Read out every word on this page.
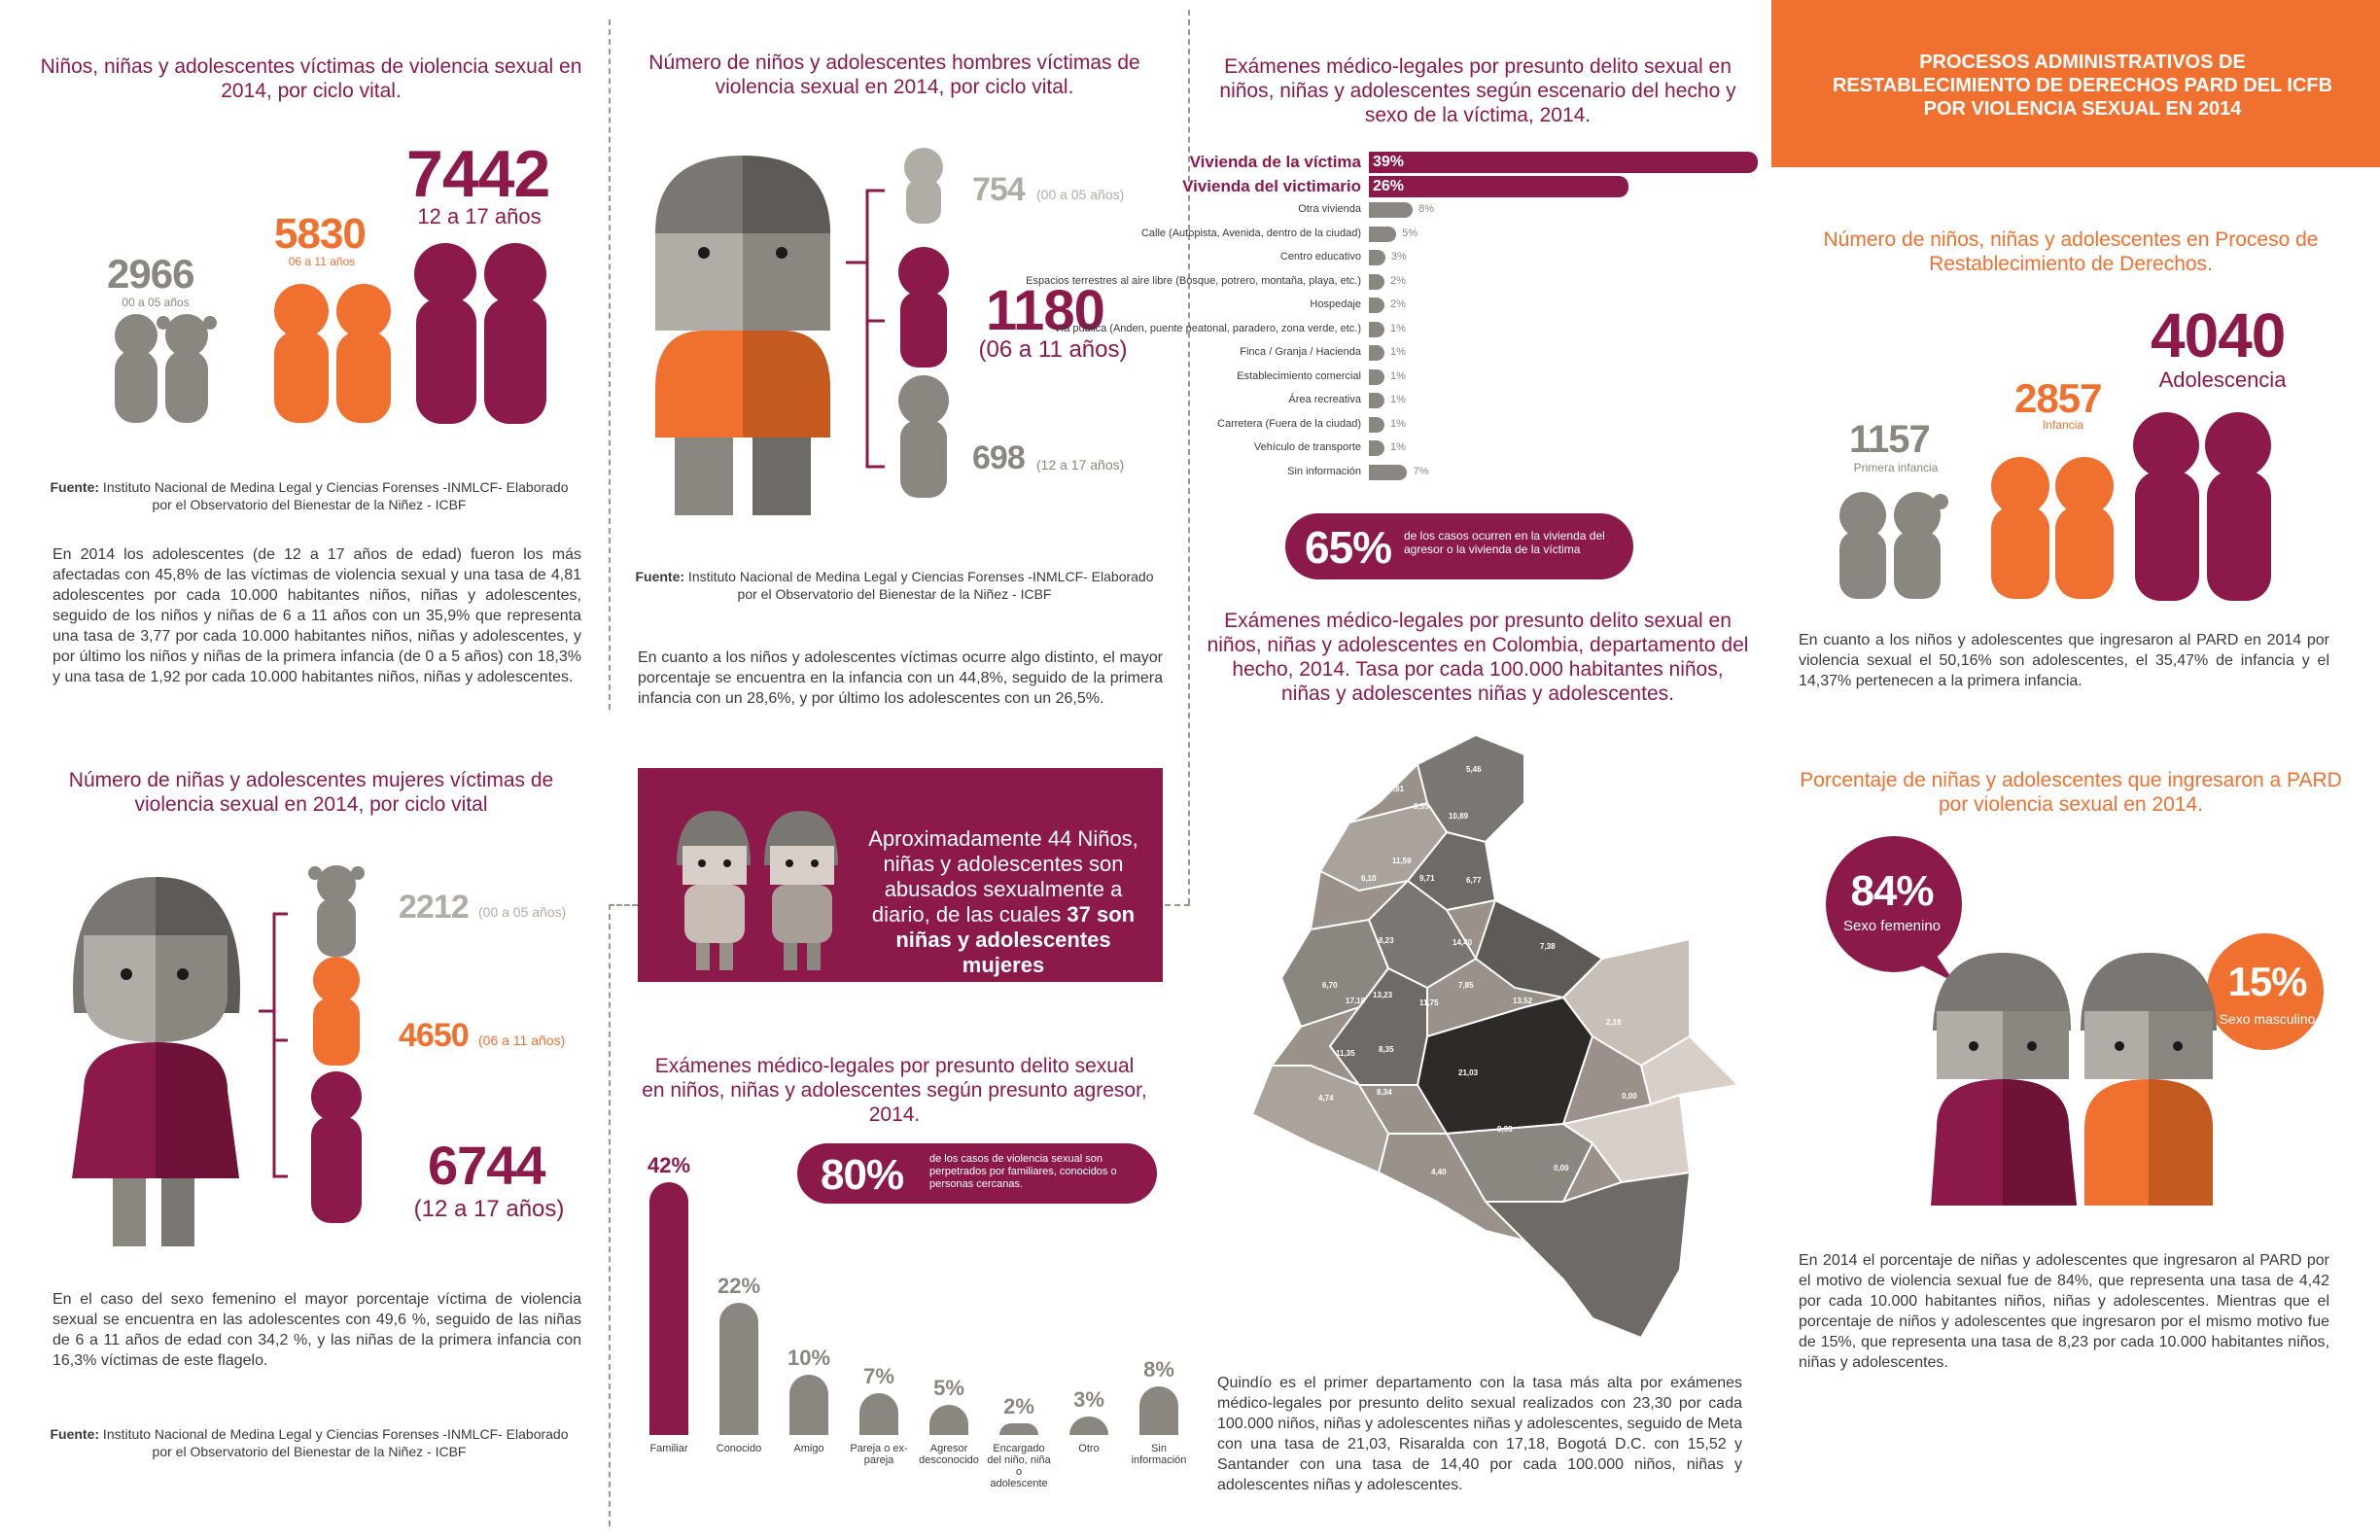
Niños, niñas y adolescentes víctimas de violencia sexual en 2014, por ciclo vital.
2966
00 a 05 años
5830
06 a 11 años
7442
12 a 17 años
Fuente: Instituto Nacional de Medina Legal y Ciencias Forenses -INMLCF- Elaborado por el Observatorio del Bienestar de la Niñez - ICBF
En 2014 los adolescentes (de 12 a 17 años de edad) fueron los más afectadas con 45,8% de las víctimas de violencia sexual y una tasa de 4,81 adolescentes por cada 10.000 habitantes niños, niñas y adolescentes, seguido de los niños y niñas de 6 a 11 años con un 35,9% que representa una tasa de 3,77 por cada 10.000 habitantes niños, niñas y adolescentes, y por último los niños y niñas de la primera infancia (de 0 a 5 años) con 18,3% y una tasa de 1,92 por cada 10.000 habitantes niños, niñas y adolescentes.
Número de niñas y adolescentes mujeres víctimas de violencia sexual en 2014, por ciclo vital
2212 (00 a 05 años)
4650 (06 a 11 años)
6744
(12 a 17 años)
En el caso del sexo femenino el mayor porcentaje víctima de violencia sexual se encuentra en las adolescentes con 49,6 %, seguido de las niñas de 6 a 11 años de edad con 34,2 %, y las niñas de la primera infancia con 16,3% víctimas de este flagelo.
Fuente: Instituto Nacional de Medina Legal y Ciencias Forenses -INMLCF- Elaborado por el Observatorio del Bienestar de la Niñez - ICBF
Número de niños y adolescentes hombres víctimas de violencia sexual en 2014, por ciclo vital.
754 (00 a 05 años)
1180
(06 a 11 años)
698 (12 a 17 años)
Fuente: Instituto Nacional de Medina Legal y Ciencias Forenses -INMLCF- Elaborado por el Observatorio del Bienestar de la Niñez - ICBF
En cuanto a los niños y adolescentes víctimas ocurre algo distinto, el mayor porcentaje se encuentra en la infancia con un 44,8%, seguido de la primera infancia con un 28,6%, y por último los adolescentes con un 26,5%.
Aproximadamente 44 Niños, niñas y adolescentes son abusados sexualmente a diario, de las cuales 37 son niñas y adolescentes mujeres
Exámenes médico-legales por presunto delito sexual en niños, niñas y adolescentes según presunto agresor, 2014.
80% de los casos de violencia sexual son perpetrados por familiares, conocidos o personas cercanas.
42%
Familiar
22%
Conocido
10%
Amigo
7%
Pareja o ex-pareja
5%
Agresor desconocido
2%
Encargado del niño, niña o adolescente
3%
Otro
8%
Sin información
Exámenes médico-legales por presunto delito sexual en niños, niñas y adolescentes según escenario del hecho y sexo de la víctima, 2014.
Vivienda de la víctima 39%
Vivienda del victimario 26%
Otra vivienda	8%
Calle (Autopista, Avenida, dentro de la ciudad)	5%
Centro educativo	3%
Espacios terrestres al aire libre (Bosque, potrero, montaña, playa, etc.)	2%
Hospedaje	2%
Vía pública (Anden, puente peatonal, paradero, zona verde, etc.)	1%
Finca / Granja / Hacienda	1%
Establecimiento comercial	1%
Área recreativa	1%
Carretera (Fuera de la ciudad)	1%
Vehículo de transporte	1%
Sin información	7%
65% de los casos ocurren en la vivienda del agresor o la vivienda de la víctima
Exámenes médico-legales por presunto delito sexual en niños, niñas y adolescentes en Colombia, departamento del hecho, 2014. Tasa por cada 100.000 habitantes niños, niñas y adolescentes niñas y adolescentes.
5,46
10,81
8,55
10,89
11,59
6,10	9,71	6,77
8,23	14,40	7,38
6,70
17,18
13,23
11,75
7,85
13,52
2,19
11,35	8,35
21,03
0,00
4,74
8,34
9,93
4,29
8,06
4,40	0,00
11,93
Quindío es el primer departamento con la tasa más alta por exámenes médico-legales por presunto delito sexual realizados con 23,30 por cada 100.000 niños, niñas y adolescentes niñas y adolescentes, seguido de Meta con una tasa de 21,03, Risaralda con 17,18, Bogotá D.C. con 15,52 y Santander con una tasa de 14,40 por cada 100.000 niños, niñas y adolescentes niñas y adolescentes.
PROCESOS ADMINISTRATIVOS DE RESTABLECIMIENTO DE DERECHOS PARD DEL ICFB POR VIOLENCIA SEXUAL EN 2014
Número de niños, niñas y adolescentes en Proceso de Restablecimiento de Derechos.
1157
Primera infancia
2857
Infancia
4040
Adolescencia
En cuanto a los niños y adolescentes que ingresaron al PARD en 2014 por violencia sexual el 50,16% son adolescentes, el 35,47% de infancia y el 14,37% pertenecen a la primera infancia.
Porcentaje de niñas y adolescentes que ingresaron a PARD por violencia sexual en 2014.
84%
Sexo femenino
15%
Sexo masculino
En 2014 el porcentaje de niñas y adolescentes que ingresaron al PARD por el motivo de violencia sexual fue de 84%, que representa una tasa de 4,42 por cada 10.000 habitantes niños, niñas y adolescentes. Mientras que el porcentaje de niños y adolescentes que ingresaron por el mismo motivo fue de 15%, que representa una tasa de 8,23 por cada 10.000 habitantes niños, niñas y adolescentes.
